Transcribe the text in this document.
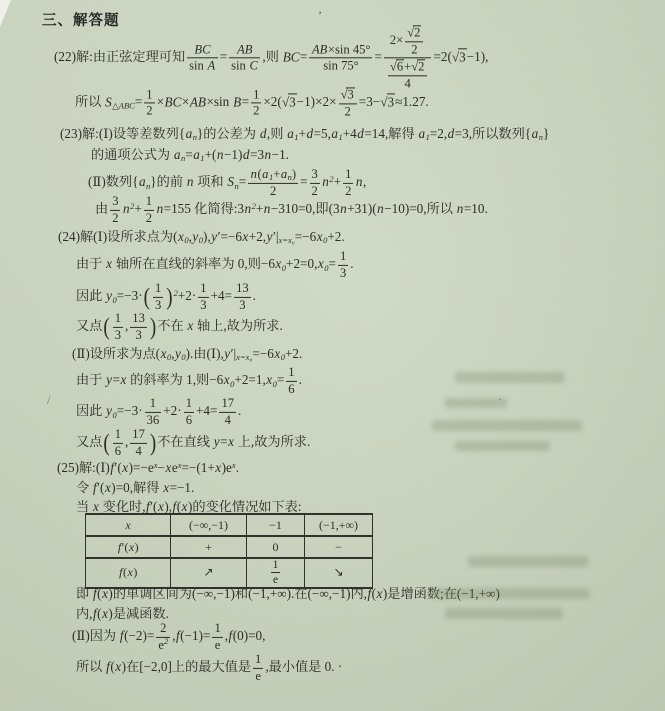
三、解答题
(22)解:由正弦定理可知 $\frac{BC}{\text{sin A}} = \frac{AB}{\text{sin C}}$ ,则 $BC= \frac{AB\times\sin 45^\circ}{\sin 75^\circ} = \frac{2\times \frac{√2}{2}}{\frac{√6+√2}{4}} =2(√3-1)$,
所以 $S_{\triangle ABC}= \frac{1}{2} \times BC\times AB\times\sin$ $B= \frac{1}{2} \times 2(√3-1)\times 2\times \frac{√3}{2} =3-√3\approx 1.27$.
(23)解:(Ⅰ)设等差数列$\{a_n\}$的公差为 d,则 $a_1+d=5,a_1+4d=14$,解得 $a_1=2,d=3$,所以数列$\{a_n\}$
的通项公式为 $a_n=a_1+(n-1)d=3n-1$.
(Ⅱ)数列$\{a_n\}$的前 n 项和 $S_n= \frac{n(a_1+a_n)}{2} = \frac{3}{2} n^2+ \frac{1}{2} n$,
由 $\frac{3}{2} n^2+ \frac{1}{2} n=155$ 化简得$:3n^2+n-310=0$,即(3n+31)(n−10)=0,所以 n=10.
(24)解(Ⅰ)设所求点为$(x_0,y_0),y'=-6x+2,y'|_{x=x_0}=-6x_0+2$.
由于 x 轴所在直线的斜率为 0,则$-6x_0+2=0,x_0= \frac{1}{3}$ .
因此 $y_0=-3\cdot( \frac{1}{3} )^2+2\cdot \frac{1}{3} +4= \frac{13}{3}$ .
又点( $\frac{1}{3}$ , $\frac{13}{3}$ )不在 x 轴上,故为所求.
(Ⅱ)设所求为点$(x_0,y_0)$.由$(Ⅰ),y'|_{x=x_0}=-6x_0+2$.
由于 y=x 的斜率为 1,则$-6x_0+2=1,x_0= \frac{1}{6}$ .
因此 $y_0=-3\cdot \frac{1}{36} +2\cdot \frac{1}{6} +4= \frac{17}{4}$ .
又点( $\frac{1}{6}$ , $\frac{17}{4}$ )不在直线 y=x 上,故为所求.
(25)解$:(Ⅰ)f'(x)=-e^x-xe^x=-(1+x)e^x$.
令 f′(x)=0,解得 x=−1.
当 x 变化时,f′(x),f(x)的变化情况如下表:
即 f(x)的单调区间为(−∞,−1)和(−1,+∞).在(−∞,−1)内,f(x)是增函数;在(−1,+∞)
内,f(x)是减函数.
(Ⅱ)因为 $f(-2)= \frac{2}{e^2} ,f(-1)= \frac{1}{e} ,f(0)=0$,
所以 f(x)在[−2,0]上的最大值是 $\frac{1}{e}$ ,最小值是 0. ·
x	(−∞,−1)	−1	(−1,+∞)
f′(x)	+	0	−
f(x)	↗	$\frac{1}{e}$	↘
’
/	·
